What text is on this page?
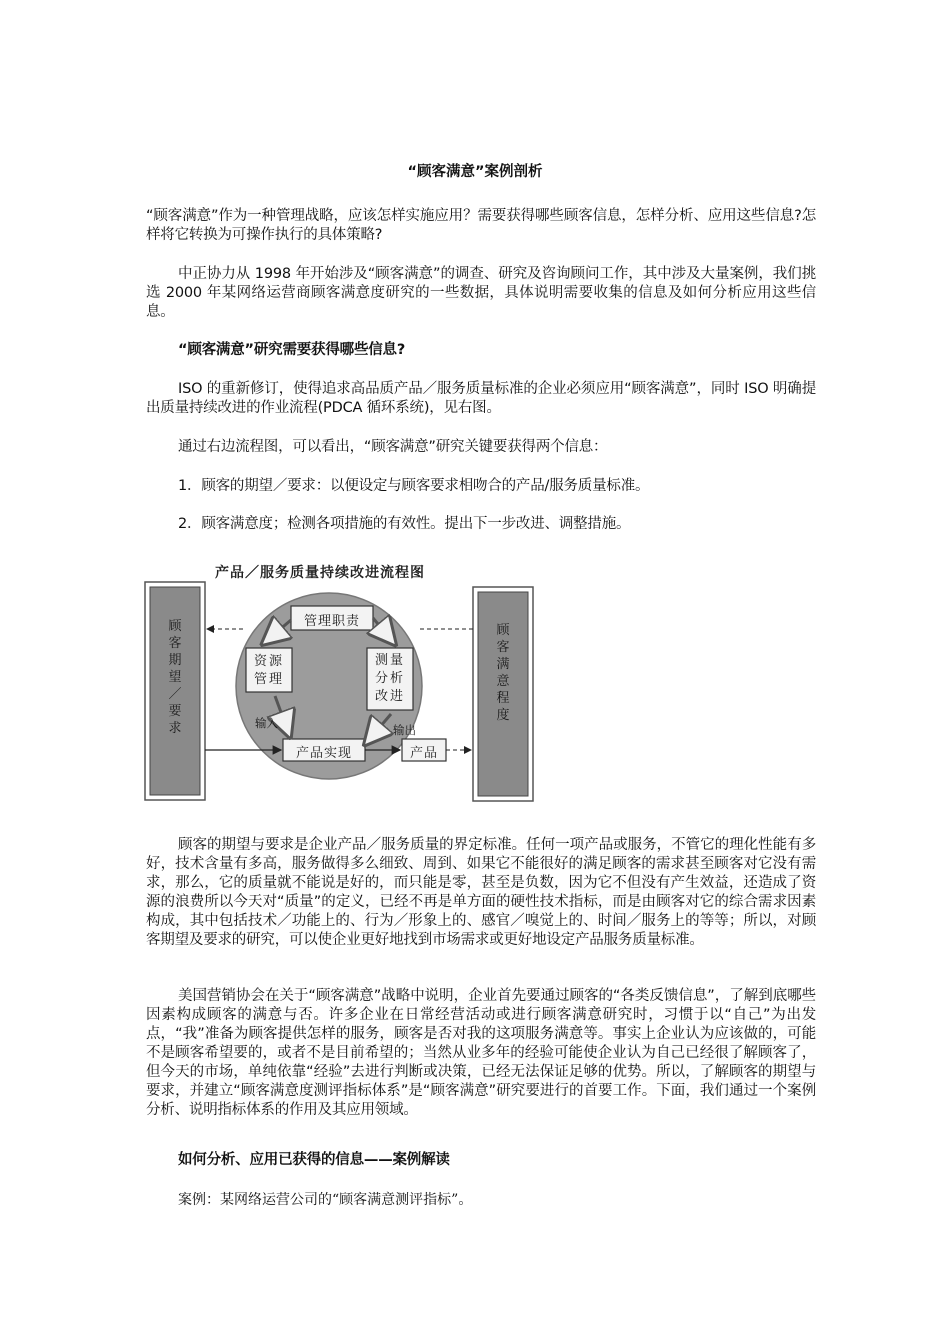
“顾客满意”案例剖析
“顾客满意”作为一种管理战略，应该怎样实施应用？需要获得哪些顾客信息，怎样分析、应用这些信息?怎样将它转换为可操作执行的具体策略?
中正协力从 1998 年开始涉及“顾客满意”的调查、研究及咨询顾问工作，其中涉及大量案例，我们挑选 2000 年某网络运营商顾客满意度研究的一些数据，具体说明需要收集的信息及如何分析应用这些信息。
“顾客满意”研究需要获得哪些信息?
ISO 的重新修订，使得追求高品质产品／服务质量标准的企业必须应用“顾客满意”，同时 ISO 明确提出质量持续改进的作业流程(PDCA 循环系统)，见右图。
通过右边流程图，可以看出，“顾客满意”研究关键要获得两个信息：
1．顾客的期望／要求：以便设定与顾客要求相吻合的产品/服务质量标准。
2．顾客满意度；检测各项措施的有效性。提出下一步改进、调整措施。
产品／服务质量持续改进流程图
顾客期望／要求
顾客满意程度
管理职责
资源管理
测量分析改进
产品实现	产品
输入	输出
顾客的期望与要求是企业产品／服务质量的界定标准。任何一项产品或服务，不管它的理化性能有多好，技术含量有多高，服务做得多么细致、周到、如果它不能很好的满足顾客的需求甚至顾客对它没有需求，那么，它的质量就不能说是好的，而只能是零，甚至是负数，因为它不但没有产生效益，还造成了资源的浪费所以今天对“质量”的定义，已经不再是单方面的硬性技术指标，而是由顾客对它的综合需求因素构成，其中包括技术／功能上的、行为／形象上的、感官／嗅觉上的、时间／服务上的等等；所以，对顾客期望及要求的研究，可以使企业更好地找到市场需求或更好地设定产品服务质量标准。
美国营销协会在关于“顾客满意”战略中说明，企业首先要通过顾客的“各类反馈信息”，了解到底哪些因素构成顾客的满意与否。许多企业在日常经营活动或进行顾客满意研究时，习惯于以“自己”为出发点，“我”准备为顾客提供怎样的服务，顾客是否对我的这项服务满意等。事实上企业认为应该做的，可能不是顾客希望要的，或者不是目前希望的；当然从业多年的经验可能使企业认为自己已经很了解顾客了，但今天的市场，单纯依靠“经验”去进行判断或决策，已经无法保证足够的优势。所以，了解顾客的期望与要求，并建立“顾客满意度测评指标体系”是“顾客满意”研究要进行的首要工作。下面，我们通过一个案例分析、说明指标体系的作用及其应用领域。
如何分析、应用已获得的信息——案例解读
案例：某网络运营公司的“顾客满意测评指标”。
